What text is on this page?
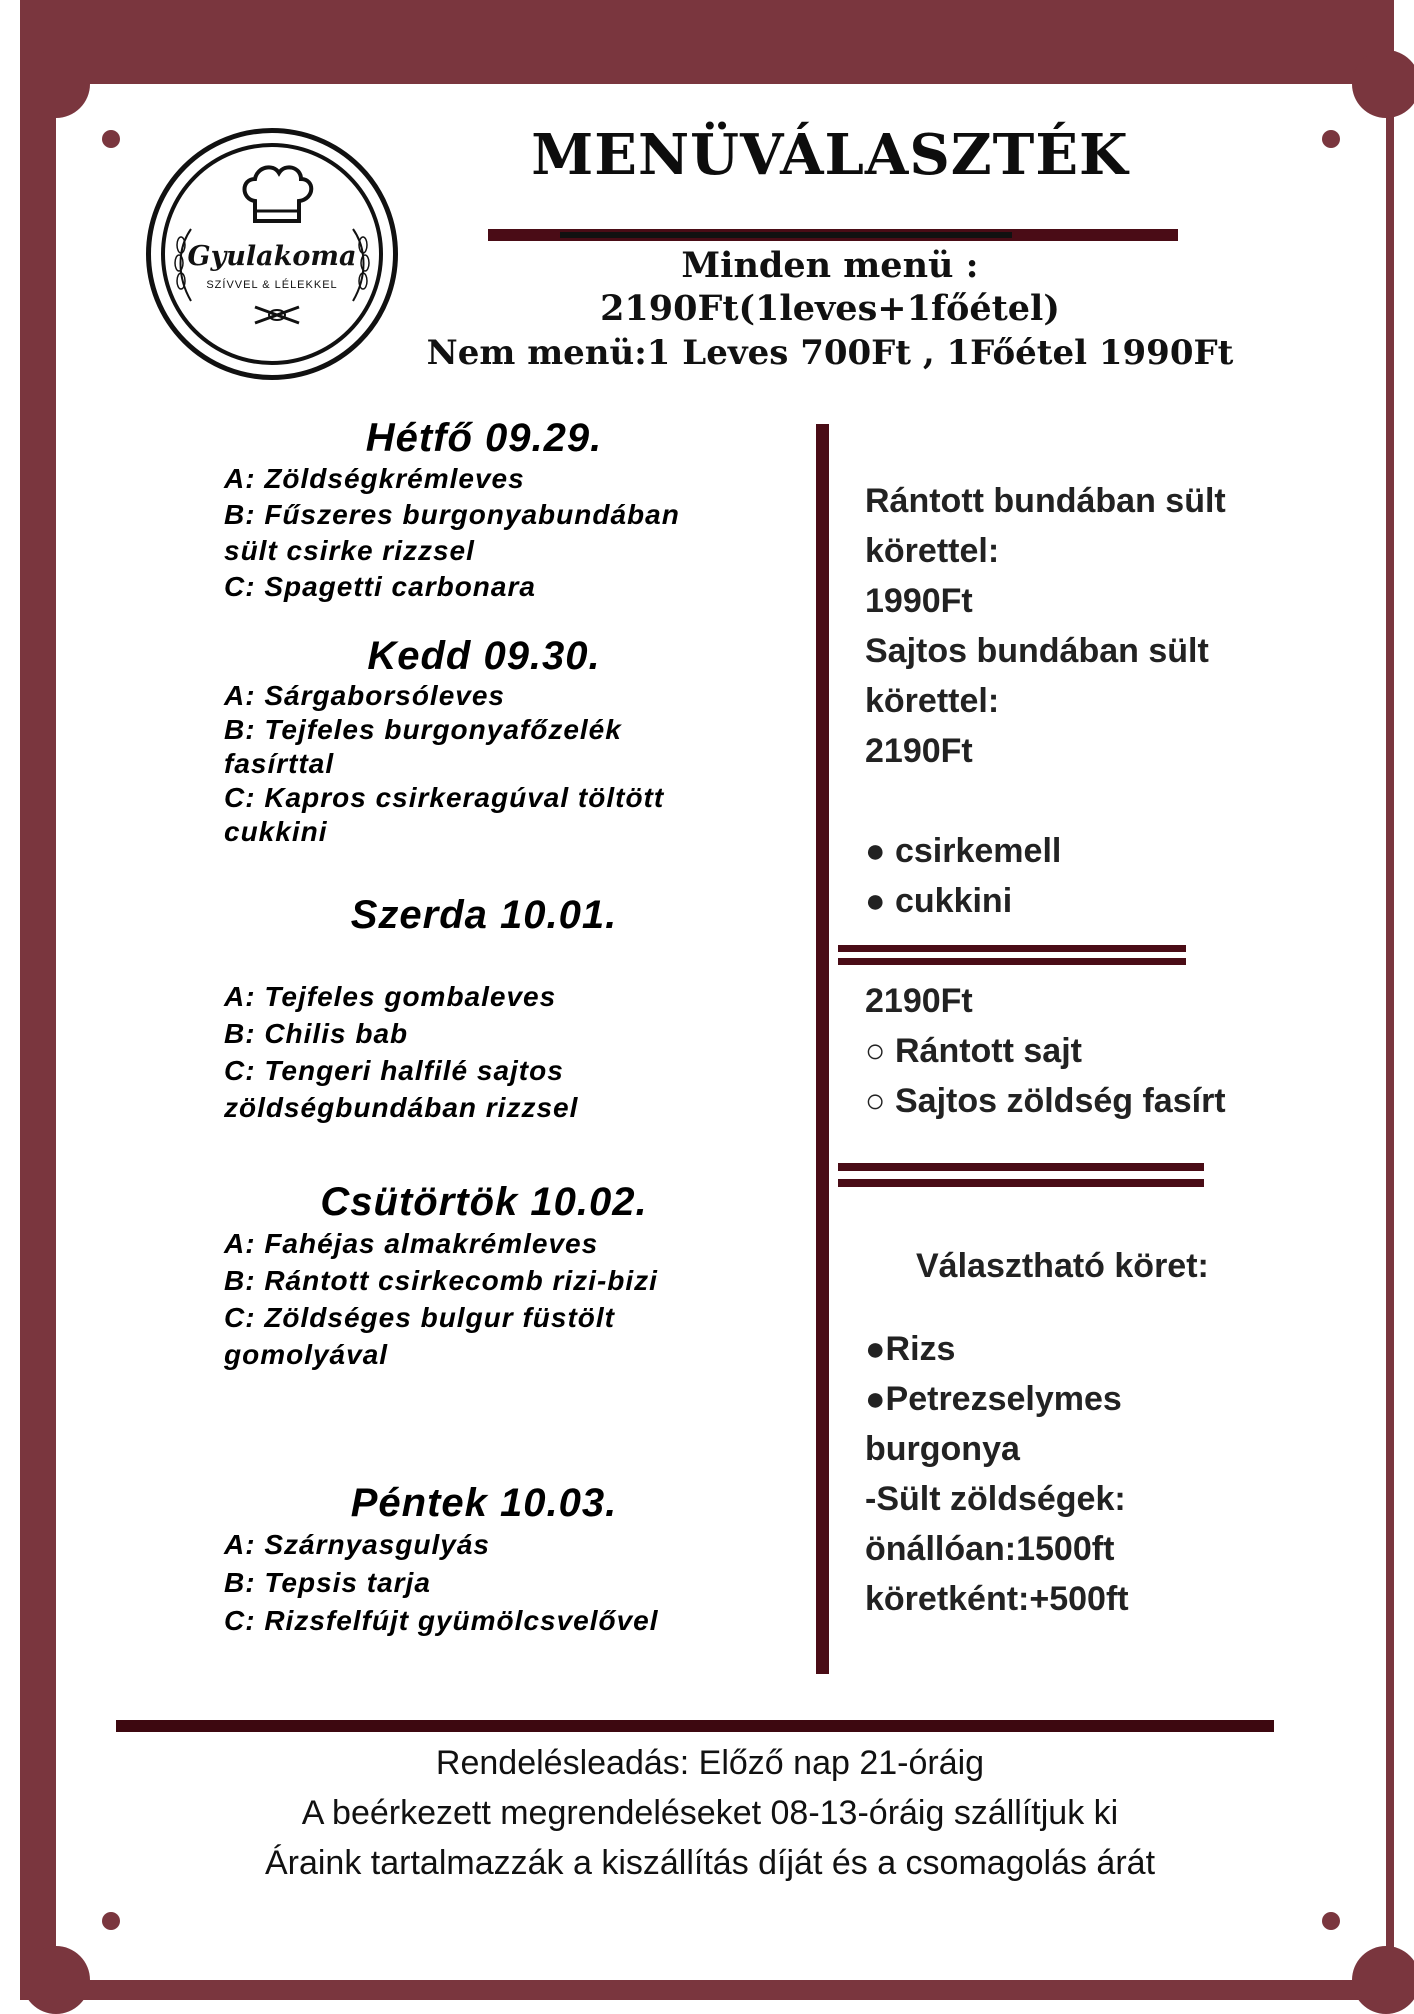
Gyulakoma
SZÍVVEL & LÉLEKKEL
MENÜVÁLASZTÉK
Minden menü :
2190Ft(1leves+1főétel)
Nem menü:1 Leves 700Ft , 1Főétel 1990Ft
Hétfő 09.29.
A: Zöldségkrémleves
B: Fűszeres burgonyabundában
sült csirke rizzsel
C: Spagetti carbonara
Kedd 09.30.
A: Sárgaborsóleves
B: Tejfeles burgonyafőzelék
fasírttal
C: Kapros csirkeragúval töltött
cukkini
Szerda 10.01.
A: Tejfeles gombaleves
B: Chilis bab
C: Tengeri halfilé sajtos
zöldségbundában rizzsel
Csütörtök 10.02.
A: Fahéjas almakrémleves
B: Rántott csirkecomb rizi-bizi
C: Zöldséges bulgur füstölt
gomolyával
Péntek 10.03.
A: Szárnyasgulyás
B: Tepsis tarja
C: Rizsfelfújt gyümölcsvelővel
Rántott bundában sült
körettel:
1990Ft
Sajtos bundában sült
körettel:
2190Ft
● csirkemell
● cukkini
2190Ft
○ Rántott sajt
○ Sajtos zöldség fasírt
Választható köret:
●Rizs
●Petrezselymes
burgonya
-Sült zöldségek:
önállóan:1500ft
köretként:+500ft
Rendelésleadás: Előző nap 21-óráig
A beérkezett megrendeléseket 08-13-óráig szállítjuk ki
Áraink tartalmazzák a kiszállítás díját és a csomagolás árát
